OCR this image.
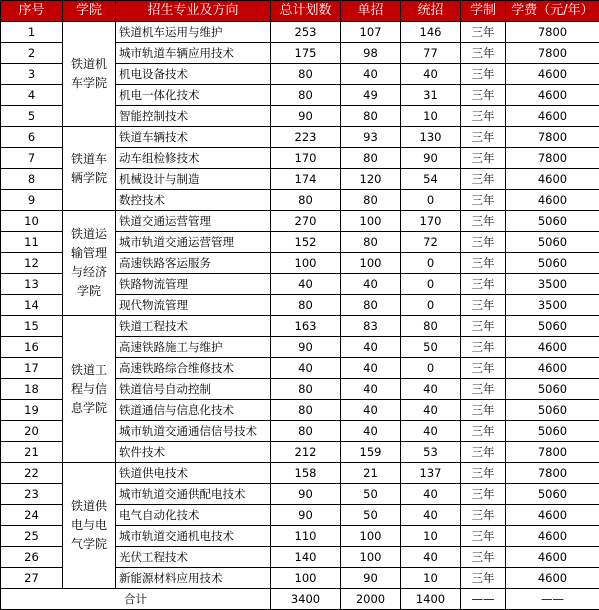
序号	学院	招生专业及方向	总计划数	单招	统招	学制	学费（元/年）
1	铁道机车学院	铁道机车运用与维护	253	107	146	三年	7800
2		城市轨道车辆应用技术	175	98	77	三年	7800
3		机电设备技术	80	40	40	三年	4600
4		机电一体化技术	80	49	31	三年	4600
5		智能控制技术	90	80	10	三年	4600
6	铁道车辆学院	铁道车辆技术	223	93	130	三年	7800
7		动车组检修技术	170	80	90	三年	7800
8		机械设计与制造	174	120	54	三年	4600
9		数控技术	80	80	0	三年	4600
10	铁道运输管理与经济学院	铁道交通运营管理	270	100	170	三年	5060
11		城市轨道交通运营管理	152	80	72	三年	5060
12		高速铁路客运服务	100	100	0	三年	5060
13		铁路物流管理	40	40	0	三年	3500
14		现代物流管理	80	80	0	三年	3500
15	铁道工程与信息学院	铁道工程技术	163	83	80	三年	5060
16		高速铁路施工与维护	90	40	50	三年	4600
17		高速铁路综合维修技术	40	40	0	三年	4600
18		铁道信号自动控制	80	40	40	三年	5060
19		铁道通信与信息化技术	80	40	40	三年	5060
20		城市轨道交通通信信号技术	80	40	40	三年	5060
21		软件技术	212	159	53	三年	7800
22	铁道供电与电气学院	铁道供电技术	158	21	137	三年	7800
23		城市轨道交通供配电技术	90	50	40	三年	5060
24		电气自动化技术	90	50	40	三年	4600
25		城市轨道交通机电技术	110	100	10	三年	4600
26		光伏工程技术	140	100	40	三年	4600
27		新能源材料应用技术	100	90	10	三年	4600
合计			3400	2000	1400	——	——
